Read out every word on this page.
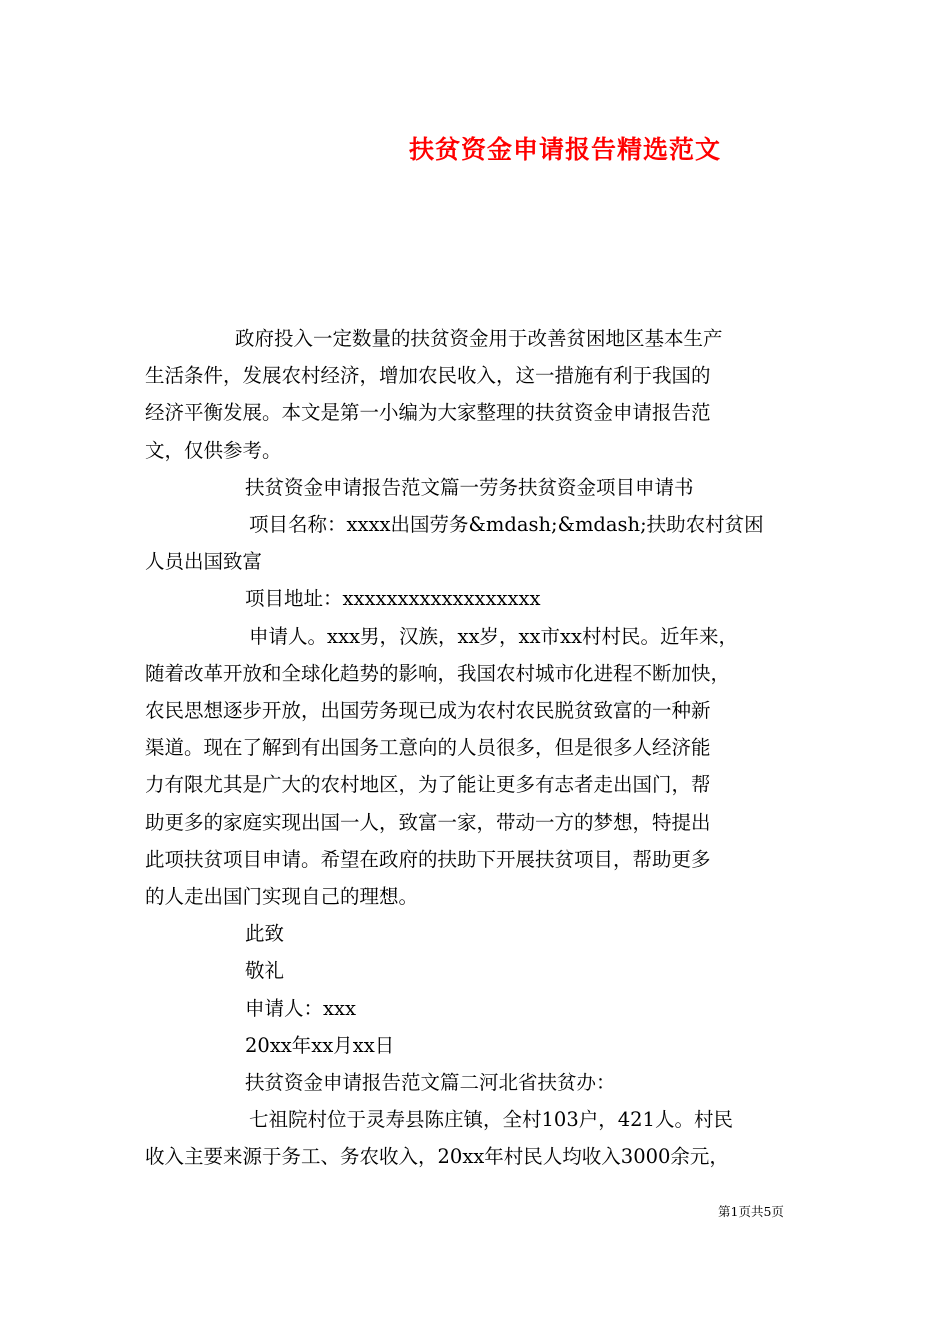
扶贫资金申请报告精选范文

政府投入一定数量的扶贫资金用于改善贫困地区基本生产

生活条件，发展农村经济，增加农民收入，这一措施有利于我国的

经济平衡发展。本文是第一小编为大家整理的扶贫资金申请报告范

文，仅供参考。

扶贫资金申请报告范文篇一劳务扶贫资金项目申请书

项目名称：xxxx出国劳务&mdash;&mdash;扶助农村贫困

人员出国致富

项目地址：xxxxxxxxxxxxxxxxxx

申请人。xxx男，汉族，xx岁，xx市xx村村民。近年来，

随着改革开放和全球化趋势的影响，我国农村城市化进程不断加快，

农民思想逐步开放，出国劳务现已成为农村农民脱贫致富的一种新

渠道。现在了解到有出国务工意向的人员很多，但是很多人经济能

力有限尤其是广大的农村地区，为了能让更多有志者走出国门，帮

助更多的家庭实现出国一人，致富一家，带动一方的梦想，特提出

此项扶贫项目申请。希望在政府的扶助下开展扶贫项目，帮助更多

的人走出国门实现自己的理想。

此致

敬礼

申请人：xxx

20xx年xx月xx日

扶贫资金申请报告范文篇二河北省扶贫办：

七祖院村位于灵寿县陈庄镇，全村103户，421人。村民

收入主要来源于务工、务农收入，20xx年村民人均收入3000余元，

第1页共5页
